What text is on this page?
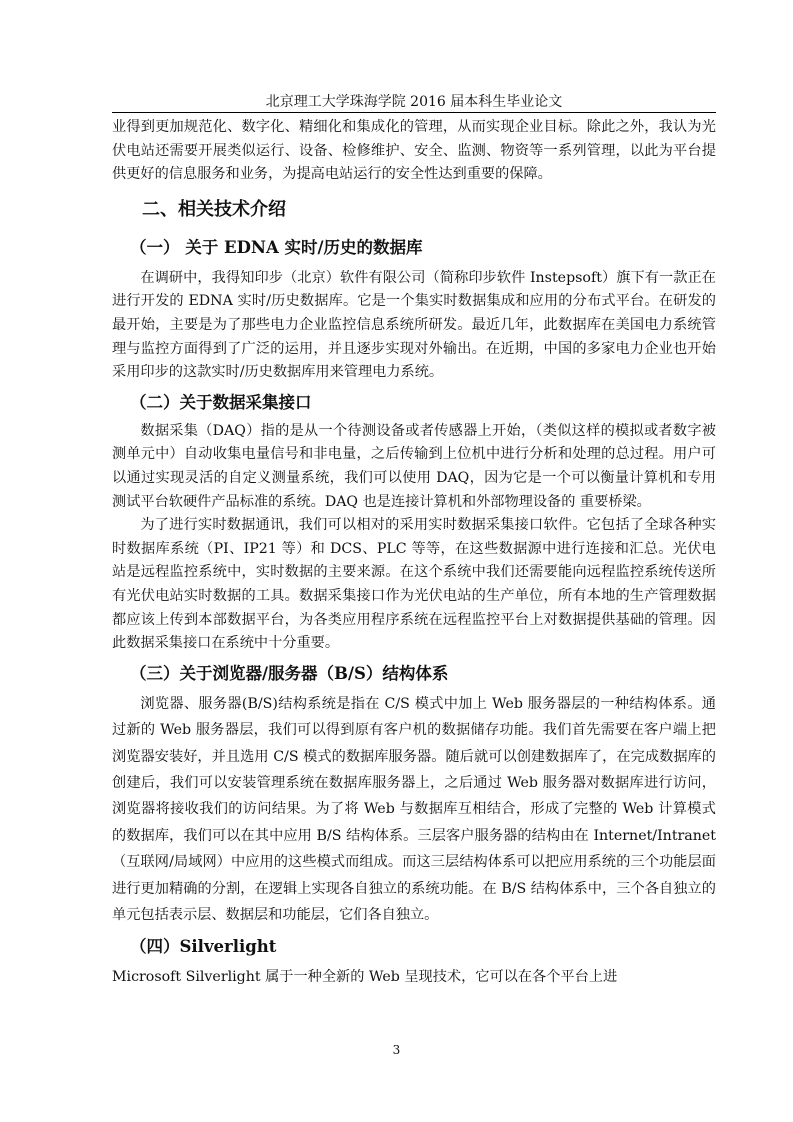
北京理工大学珠海学院 2016 届本科生毕业论文

业得到更加规范化、数字化、精细化和集成化的管理，从而实现企业目标。除此之外，我认为光伏电站还需要开展类似运行、设备、检修维护、安全、监测、物资等一系列管理，以此为平台提供更好的信息服务和业务，为提高电站运行的安全性达到重要的保障。

二、相关技术介绍
（一） 关于 EDNA 实时/历史的数据库

在调研中，我得知印步（北京）软件有限公司（简称印步软件 Instepsoft）旗下有一款正在进行开发的 EDNA 实时/历史数据库。它是一个集实时数据集成和应用的分布式平台。在研发的最开始，主要是为了那些电力企业监控信息系统所研发。最近几年，此数据库在美国电力系统管理与监控方面得到了广泛的运用，并且逐步实现对外输出。在近期，中国的多家电力企业也开始采用印步的这款实时/历史数据库用来管理电力系统。

（二）关于数据采集接口

数据采集（DAQ）指的是从一个待测设备或者传感器上开始，（类似这样的模拟或者数字被测单元中）自动收集电量信号和非电量，之后传输到上位机中进行分析和处理的总过程。用户可以通过实现灵活的自定义测量系统，我们可以使用 DAQ，因为它是一个可以衡量计算机和专用测试平台软硬件产品标准的系统。DAQ 也是连接计算机和外部物理设备的 重要桥梁。

为了进行实时数据通讯，我们可以相对的采用实时数据采集接口软件。它包括了全球各种实时数据库系统（PI、IP21 等）和 DCS、PLC 等等，在这些数据源中进行连接和汇总。光伏电站是远程监控系统中，实时数据的主要来源。在这个系统中我们还需要能向远程监控系统传送所有光伏电站实时数据的工具。数据采集接口作为光伏电站的生产单位，所有本地的生产管理数据都应该上传到本部数据平台，为各类应用程序系统在远程监控平台上对数据提供基础的管理。因此数据采集接口在系统中十分重要。

（三）关于浏览器/服务器（B/S）结构体系

浏览器、服务器(B/S)结构系统是指在 C/S 模式中加上 Web 服务器层的一种结构体系。通过新的 Web 服务器层，我们可以得到原有客户机的数据储存功能。我们首先需要在客户端上把浏览器安装好，并且选用 C/S 模式的数据库服务器。随后就可以创建数据库了，在完成数据库的创建后，我们可以安装管理系统在数据库服务器上，之后通过 Web 服务器对数据库进行访问，浏览器将接收我们的访问结果。为了将 Web 与数据库互相结合，形成了完整的 Web 计算模式的数据库，我们可以在其中应用 B/S 结构体系。三层客户服务器的结构由在 Internet/Intranet （互联网/局域网）中应用的这些模式而组成。而这三层结构体系可以把应用系统的三个功能层面进行更加精确的分割，在逻辑上实现各自独立的系统功能。在 B/S 结构体系中，三个各自独立的单元包括表示层、数据层和功能层，它们各自独立。

（四）Silverlight

Microsoft Silverlight 属于一种全新的 Web 呈现技术，它可以在各个平台上进

3
